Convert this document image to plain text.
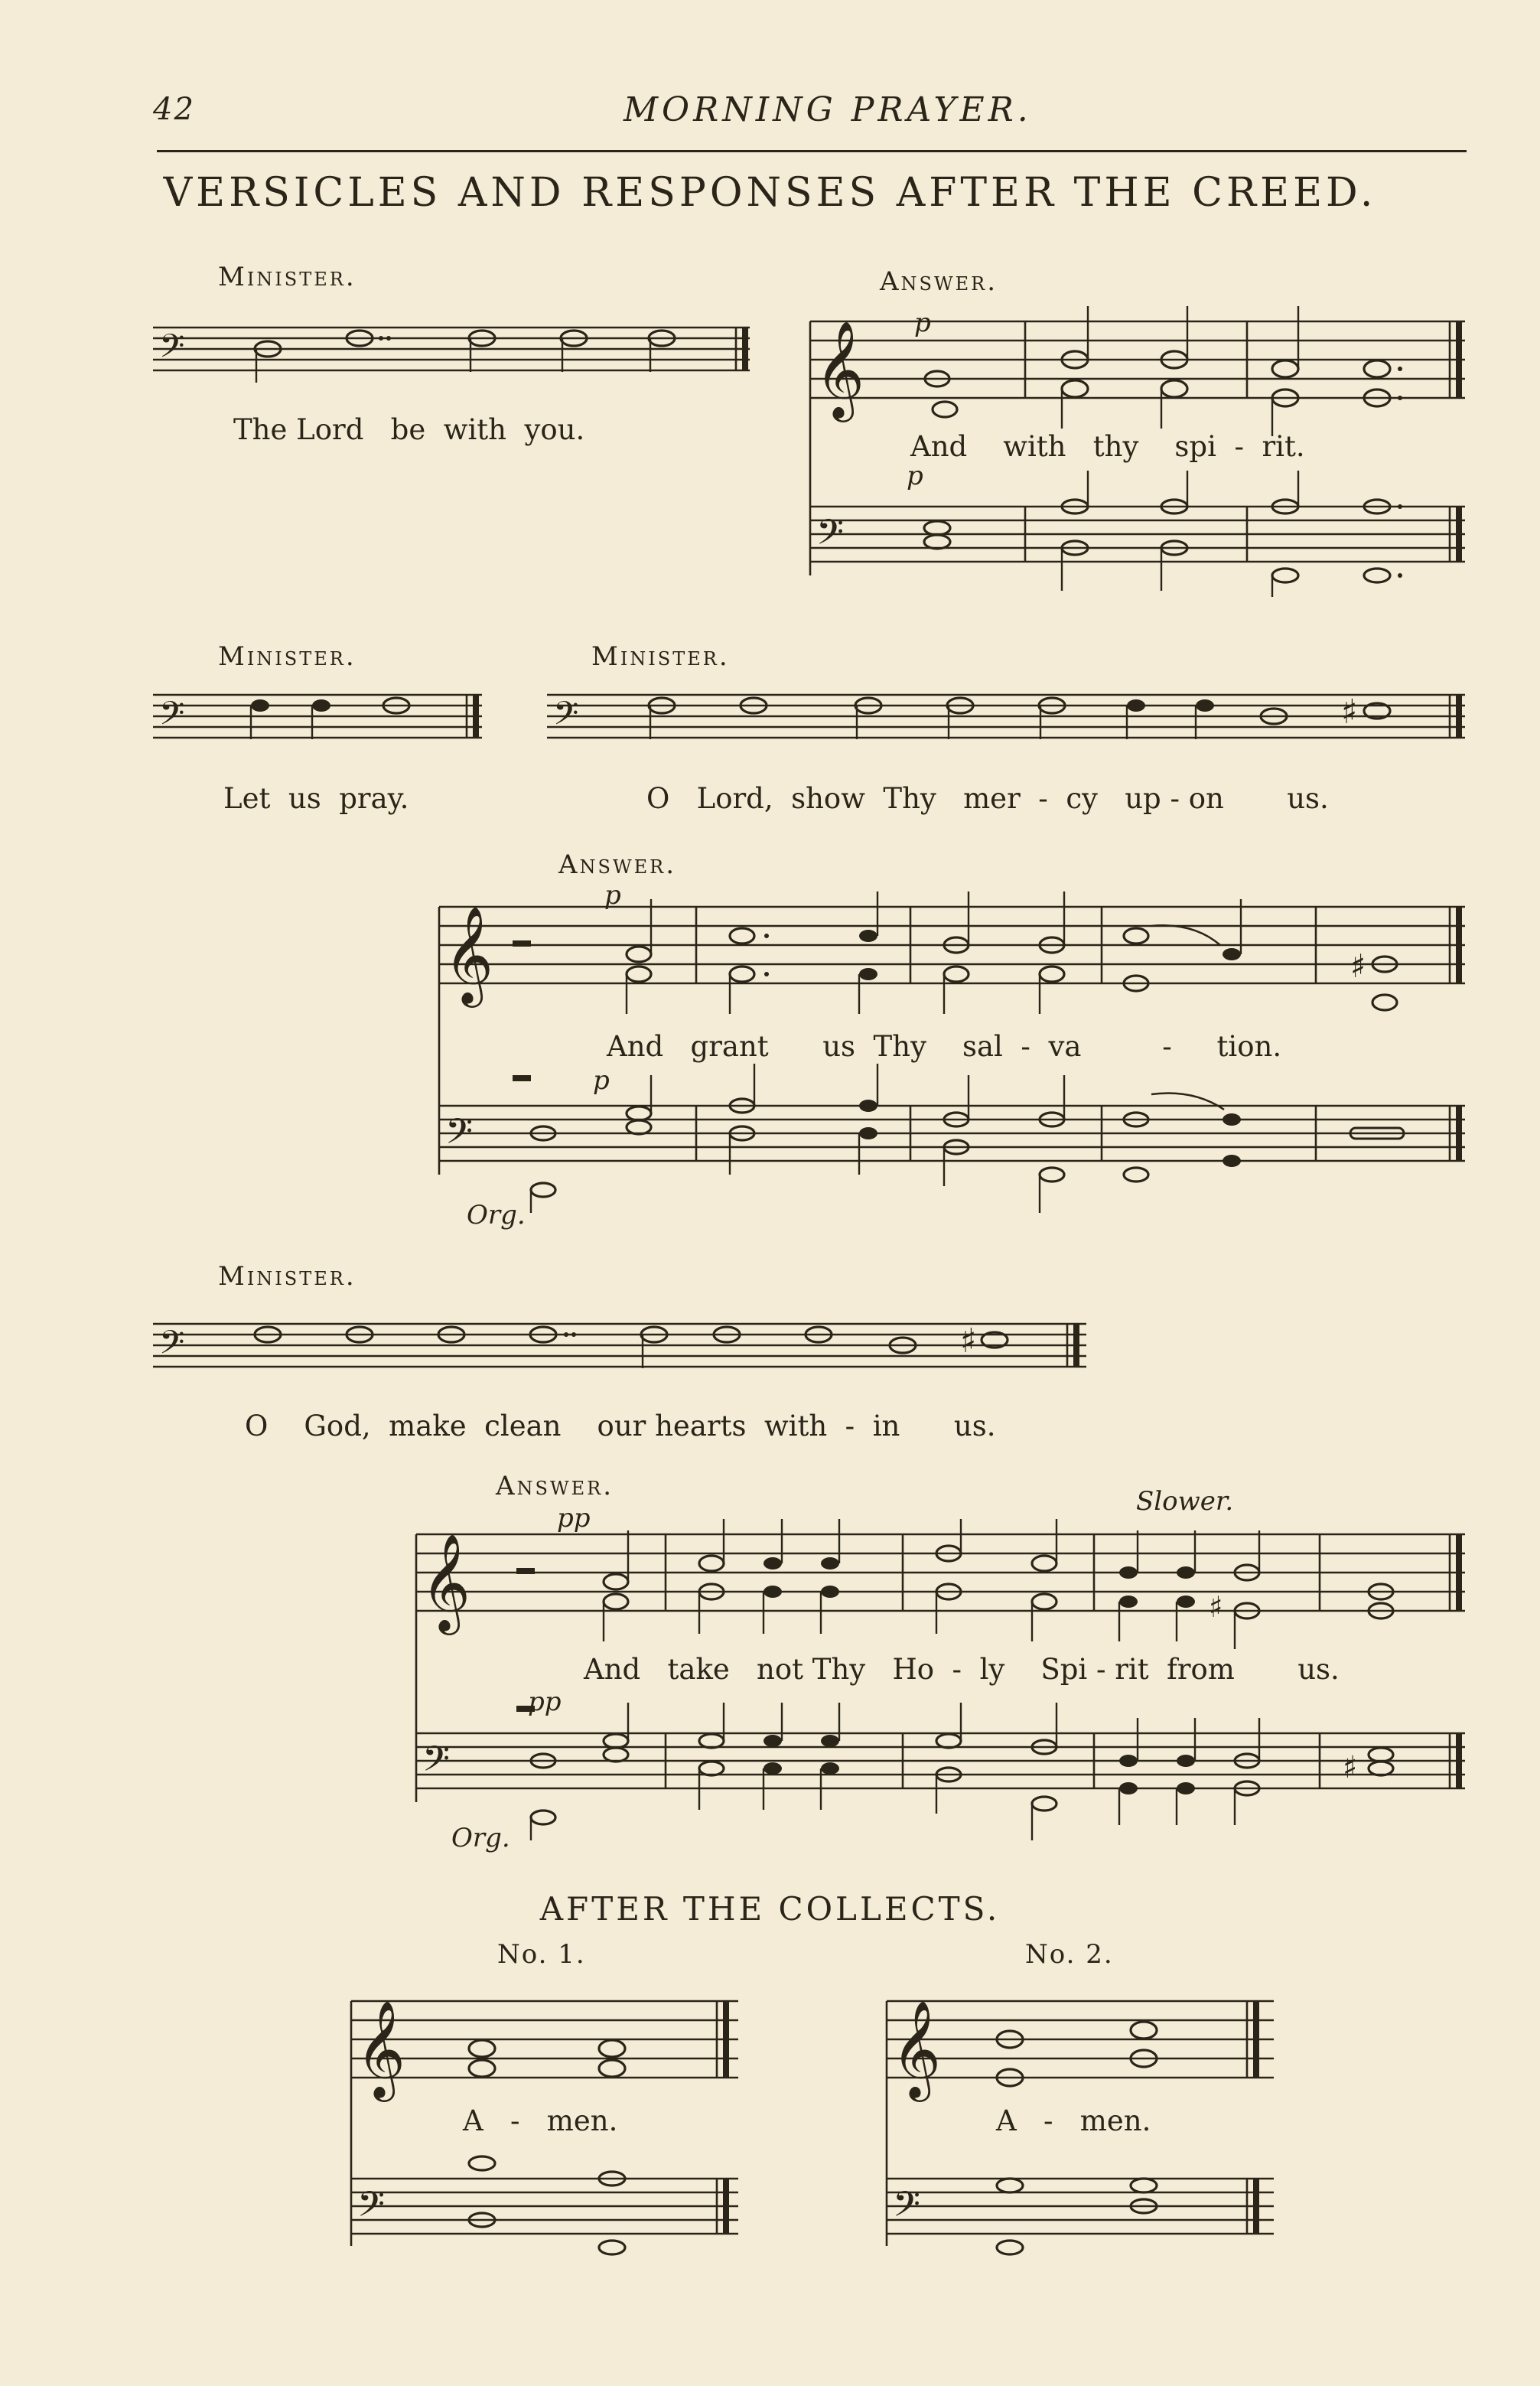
42	MORNING PRAYER.
VERSICLES AND RESPONSES AFTER THE CREED.
Minister.
𝄢
The Lord   be  with  you.
Answer.
p
𝄞
𝄢
And    with   thy    spi  -  rit.
p
Minister.
𝄢
Let  us  pray.
Minister.
𝄢	♯
O   Lord,  show  Thy   mer  -  cy   up - on       us.
Answer.
p
𝄞	♯
𝄢
And   grant      us  Thy    sal  -  va         -     tion.
p
Org.
Minister.
𝄢	♯
O    God,  make  clean    our hearts  with  -  in      us.
Answer.	Slower.
pp
𝄞	♯
𝄢	♯
And   take   not Thy   Ho  -  ly    Spi - rit  from       us.
pp
Org.
AFTER THE COLLECTS.
No. 1.	No. 2.
𝄞
𝄢
A   -   men.
𝄞
𝄢
A   -   men.
